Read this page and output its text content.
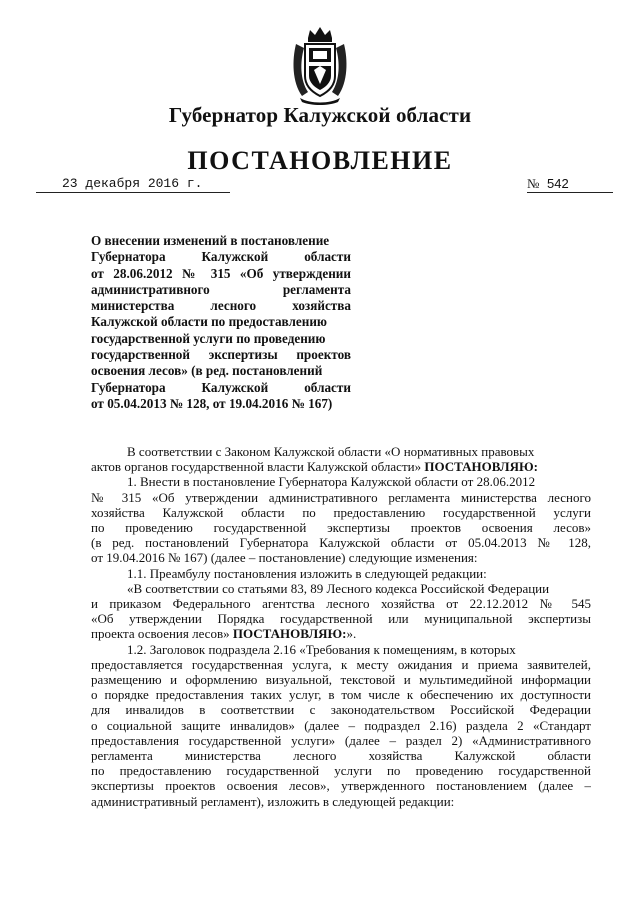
Губернатор Калужской области
ПОСТАНОВЛЕНИЕ
23 декабря 2016 г.	№ 542
О внесении изменений в постановление
Губернатора Калужской области
от 28.06.2012 № 315 «Об утверждении
административного регламента
министерства лесного хозяйства
Калужской области по предоставлению
государственной услуги по проведению
государственной экспертизы проектов
освоения лесов» (в ред. постановлений
Губернатора Калужской области
от 05.04.2013 № 128, от 19.04.2016 № 167)
В соответствии с Законом Калужской области «О нормативных правовых
актов органов государственной власти Калужской области» ПОСТАНОВЛЯЮ:
1. Внести в постановление Губернатора Калужской области от 28.06.2012
№ 315 «Об утверждении административного регламента министерства лесного
хозяйства Калужской области по предоставлению государственной услуги
по проведению государственной экспертизы проектов освоения лесов»
(в ред. постановлений Губернатора Калужской области от 05.04.2013 № 128,
от 19.04.2016 № 167) (далее – постановление) следующие изменения:
1.1. Преамбулу постановления изложить в следующей редакции:
«В соответствии со статьями 83, 89 Лесного кодекса Российской Федерации
и приказом Федерального агентства лесного хозяйства от 22.12.2012 № 545
«Об утверждении Порядка государственной или муниципальной экспертизы
проекта освоения лесов» ПОСТАНОВЛЯЮ:».
1.2. Заголовок подраздела 2.16 «Требования к помещениям, в которых
предоставляется государственная услуга, к месту ожидания и приема заявителей,
размещению и оформлению визуальной, текстовой и мультимедийной информации
о порядке предоставления таких услуг, в том числе к обеспечению их доступности
для инвалидов в соответствии с законодательством Российской Федерации
о социальной защите инвалидов» (далее – подраздел 2.16) раздела 2 «Стандарт
предоставления государственной услуги» (далее – раздел 2) «Административного
регламента министерства лесного хозяйства Калужской области
по предоставлению государственной услуги по проведению государственной
экспертизы проектов освоения лесов», утвержденного постановлением (далее –
административный регламент), изложить в следующей редакции:
